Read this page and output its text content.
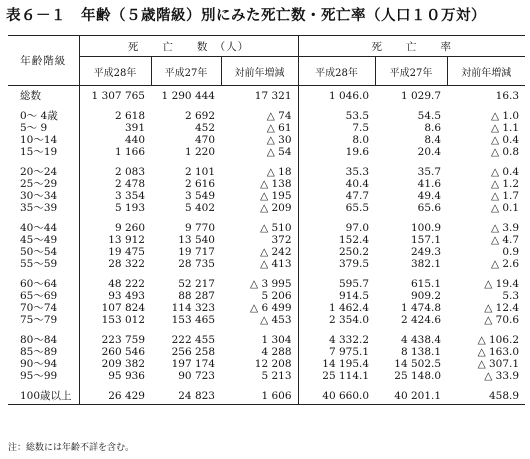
表６－１　年齢（５歳階級）別にみた死亡数・死亡率（人口１０万対）
年齢階級	死　　亡　　数　（人）			死　　亡　　率		
	平成28年	平成27年	対前年増減	平成28年	平成27年	対前年増減
総数	1 307 765	1 290 444	17 321	1 046.0	1 029.7	16.3

0～ 4歳	2 618	2 692	△ 74	53.5	54.5	△ 1.0
5～ 9	391	452	△ 61	7.5	8.6	△ 1.1
10～14	440	470	△ 30	8.0	8.4	△ 0.4
15～19	1 166	1 220	△ 54	19.6	20.4	△ 0.8

20～24	2 083	2 101	△ 18	35.3	35.7	△ 0.4
25～29	2 478	2 616	△ 138	40.4	41.6	△ 1.2
30～34	3 354	3 549	△ 195	47.7	49.4	△ 1.7
35～39	5 193	5 402	△ 209	65.5	65.6	△ 0.1

40～44	9 260	9 770	△ 510	97.0	100.9	△ 3.9
45～49	13 912	13 540	372	152.4	157.1	△ 4.7
50～54	19 475	19 717	△ 242	250.2	249.3	0.9
55～59	28 322	28 735	△ 413	379.5	382.1	△ 2.6

60～64	48 222	52 217	△ 3 995	595.7	615.1	△ 19.4
65～69	93 493	88 287	5 206	914.5	909.2	5.3
70～74	107 824	114 323	△ 6 499	1 462.4	1 474.8	△ 12.4
75～79	153 012	153 465	△ 453	2 354.0	2 424.6	△ 70.6

80～84	223 759	222 455	1 304	4 332.2	4 438.4	△ 106.2
85～89	260 546	256 258	4 288	7 975.1	8 138.1	△ 163.0
90～94	209 382	197 174	12 208	14 195.4	14 502.5	△ 307.1
95～99	95 936	90 723	5 213	25 114.1	25 148.0	△ 33.9

100歳以上	26 429	24 823	1 606	40 660.0	40 201.1	458.9
注：総数には年齢不詳を含む。
